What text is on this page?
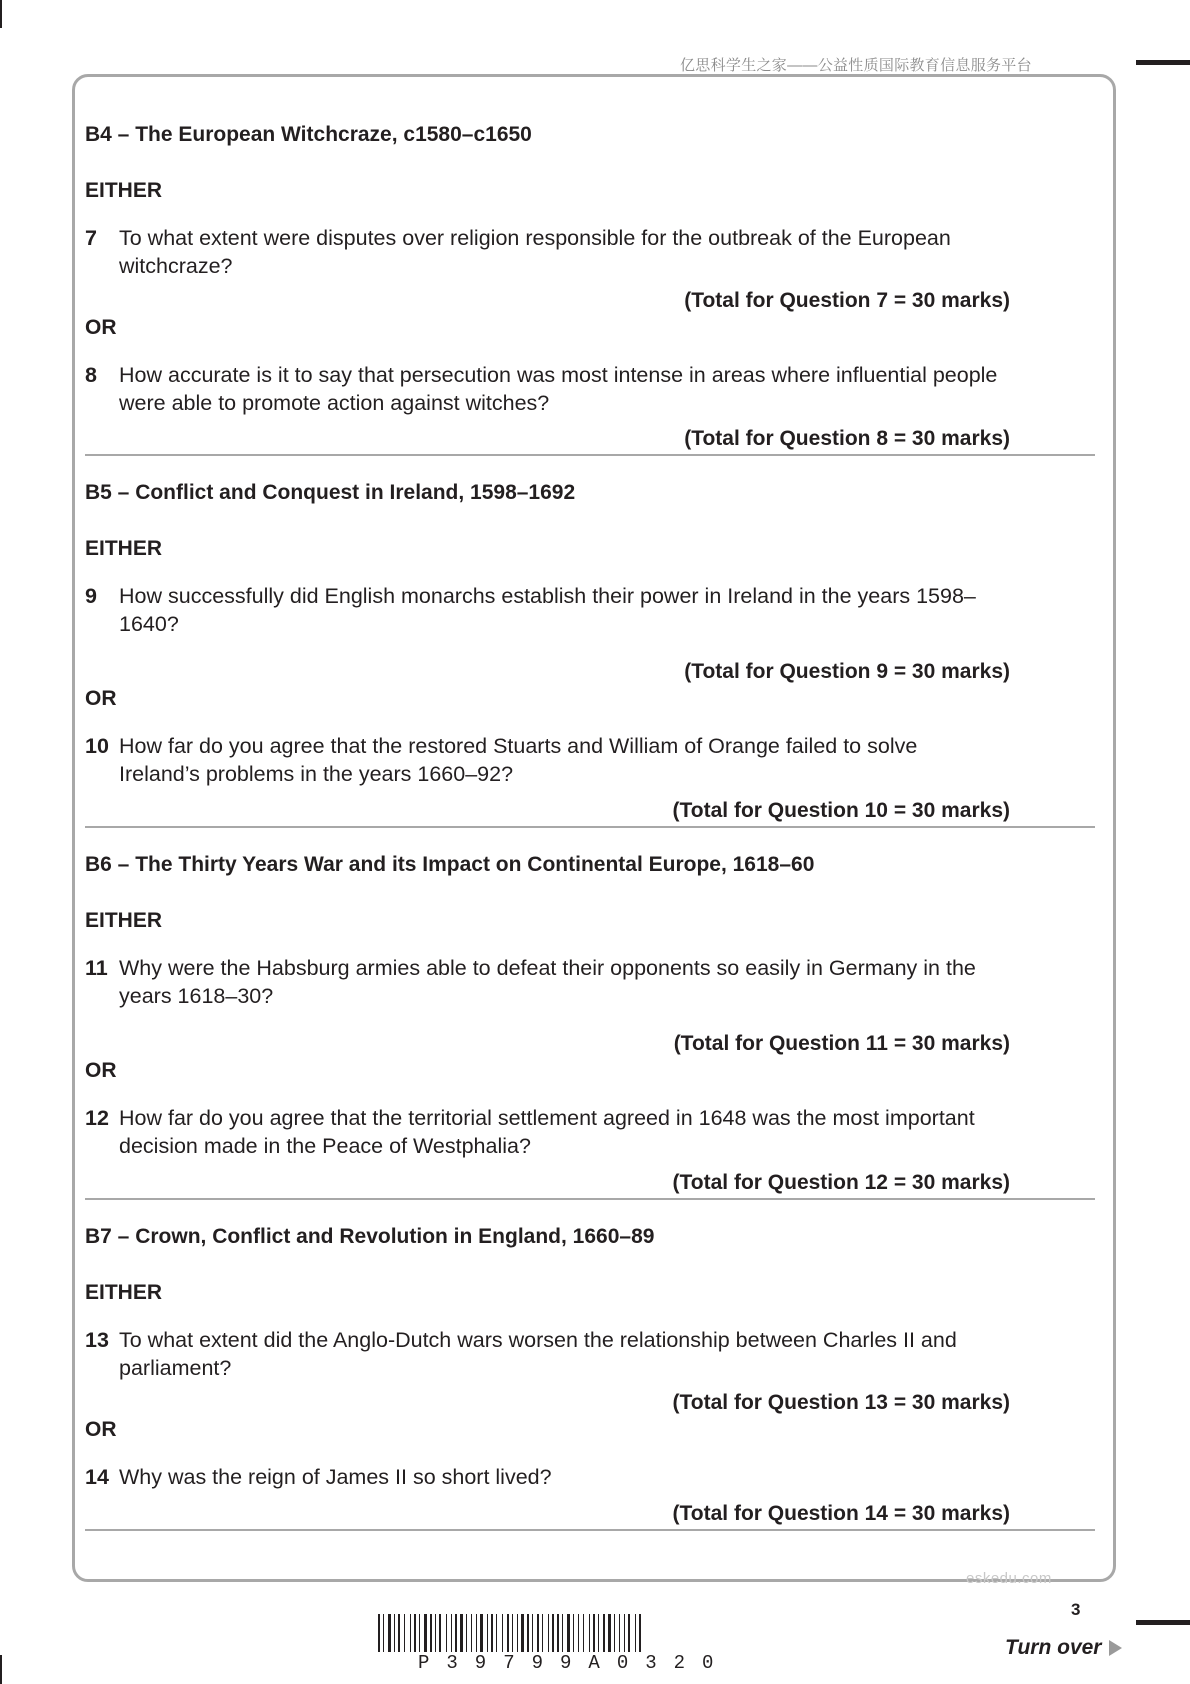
亿思科学生之家——公益性质国际教育信息服务平台
B4 – The European Witchcraze, c1580–c1650
EITHER
7	To what extent were disputes over religion responsible for the outbreak of the European witchcraze?
(Total for Question 7 = 30 marks)
OR
8	How accurate is it to say that persecution was most intense in areas where influential people were able to promote action against witches?
(Total for Question 8 = 30 marks)
B5 – Conflict and Conquest in Ireland, 1598–1692
EITHER
9	How successfully did English monarchs establish their power in Ireland in the years 1598–1640?
(Total for Question 9 = 30 marks)
OR
10 How far do you agree that the restored Stuarts and William of Orange failed to solve Ireland’s problems in the years 1660–92?
(Total for Question 10 = 30 marks)
B6 – The Thirty Years War and its Impact on Continental Europe, 1618–60
EITHER
11 Why were the Habsburg armies able to defeat their opponents so easily in Germany in the years 1618–30?
(Total for Question 11 = 30 marks)
OR
12 How far do you agree that the territorial settlement agreed in 1648 was the most important decision made in the Peace of Westphalia?
(Total for Question 12 = 30 marks)
B7 – Crown, Conflict and Revolution in England, 1660–89
EITHER
13 To what extent did the Anglo-Dutch wars worsen the relationship between Charles II and parliament?
(Total for Question 13 = 30 marks)
OR
14 Why was the reign of James II so short lived?
(Total for Question 14 = 30 marks)
eskedu.com
3
P39799A0320
Turn over
